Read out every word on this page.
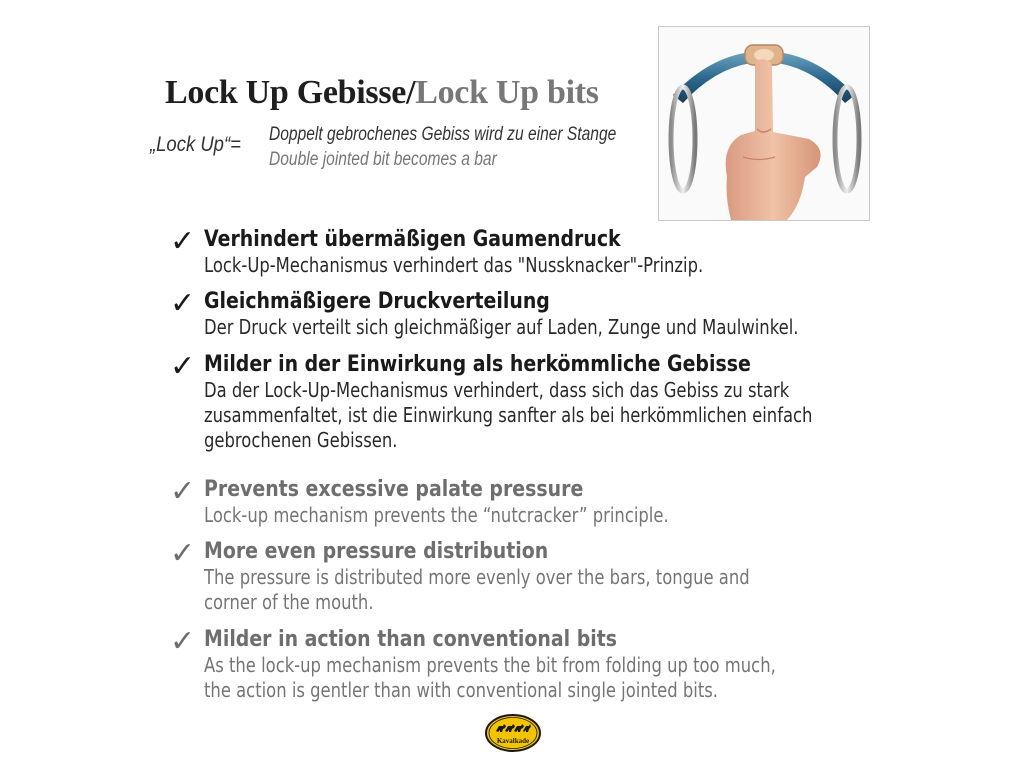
Lock Up Gebisse/Lock Up bits
„Lock Up“= Doppelt gebrochenes Gebiss wird zu einer Stange
Double jointed bit becomes a bar
✓ Verhindert übermäßigen Gaumendruck
Lock-Up-Mechanismus verhindert das "Nussknacker"-Prinzip.
✓ Gleichmäßigere Druckverteilung
Der Druck verteilt sich gleichmäßiger auf Laden, Zunge und Maulwinkel.
✓ Milder in der Einwirkung als herkömmliche Gebisse
Da der Lock-Up-Mechanismus verhindert, dass sich das Gebiss zu stark
zusammenfaltet, ist die Einwirkung sanfter als bei herkömmlichen einfach
gebrochenen Gebissen.
✓ Prevents excessive palate pressure
Lock-up mechanism prevents the “nutcracker” principle.
✓ More even pressure distribution
The pressure is distributed more evenly over the bars, tongue and
corner of the mouth.
✓ Milder in action than conventional bits
As the lock-up mechanism prevents the bit from folding up too much,
the action is gentler than with conventional single jointed bits.
Kavalkade
